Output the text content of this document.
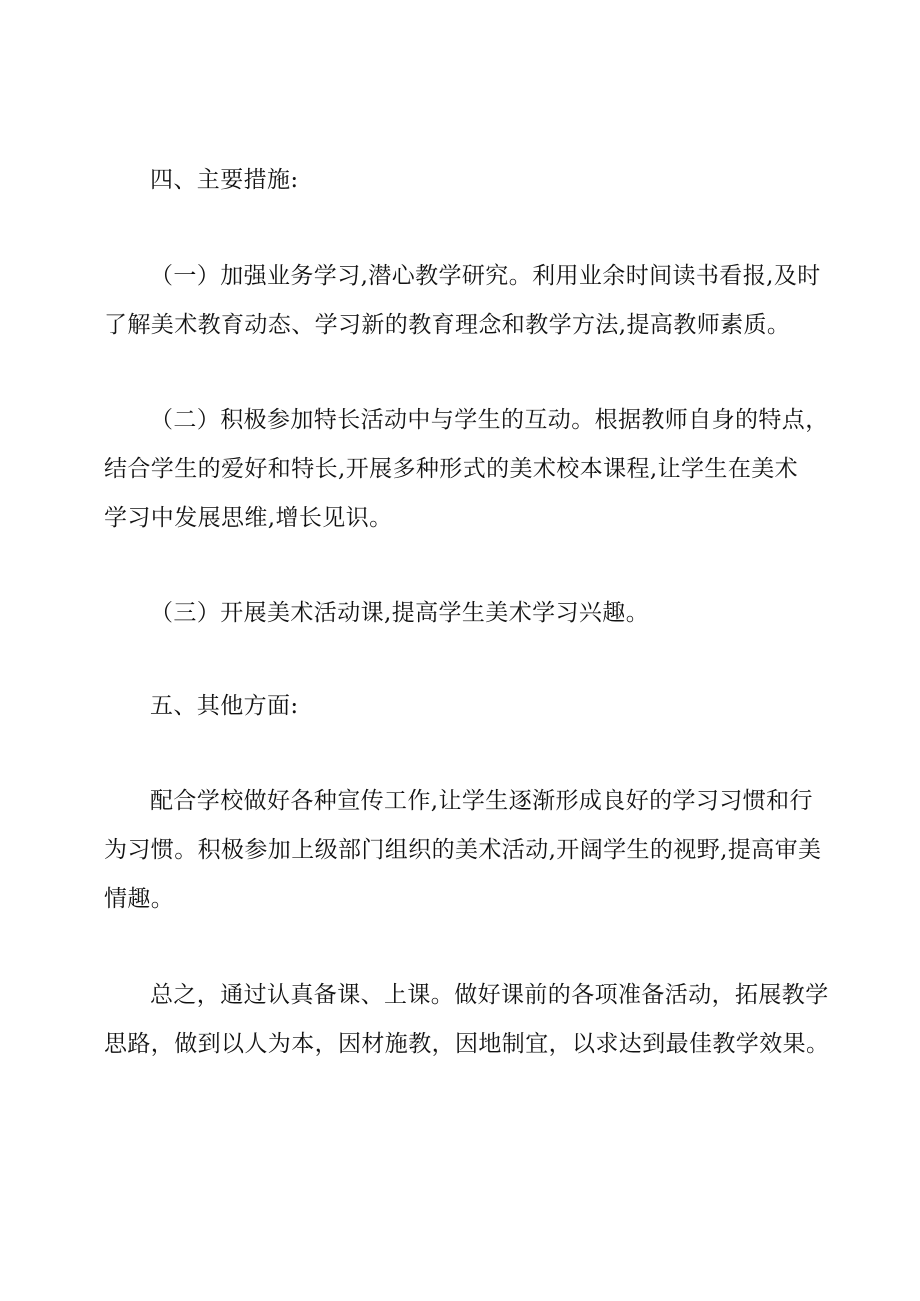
四、主要措施:

（一）加强业务学习,潜心教学研究。利用业余时间读书看报,及时
了解美术教育动态、学习新的教育理念和教学方法,提高教师素质。

（二）积极参加特长活动中与学生的互动。根据教师自身的特点，
结合学生的爱好和特长,开展多种形式的美术校本课程,让学生在美术
学习中发展思维,增长见识。

（三）开展美术活动课,提高学生美术学习兴趣。

五、其他方面:

配合学校做好各种宣传工作,让学生逐渐形成良好的学习习惯和行
为习惯。积极参加上级部门组织的美术活动,开阔学生的视野,提高审美
情趣。

总之，通过认真备课、上课。做好课前的各项准备活动，拓展教学
思路，做到以人为本，因材施教，因地制宜，以求达到最佳教学效果。
